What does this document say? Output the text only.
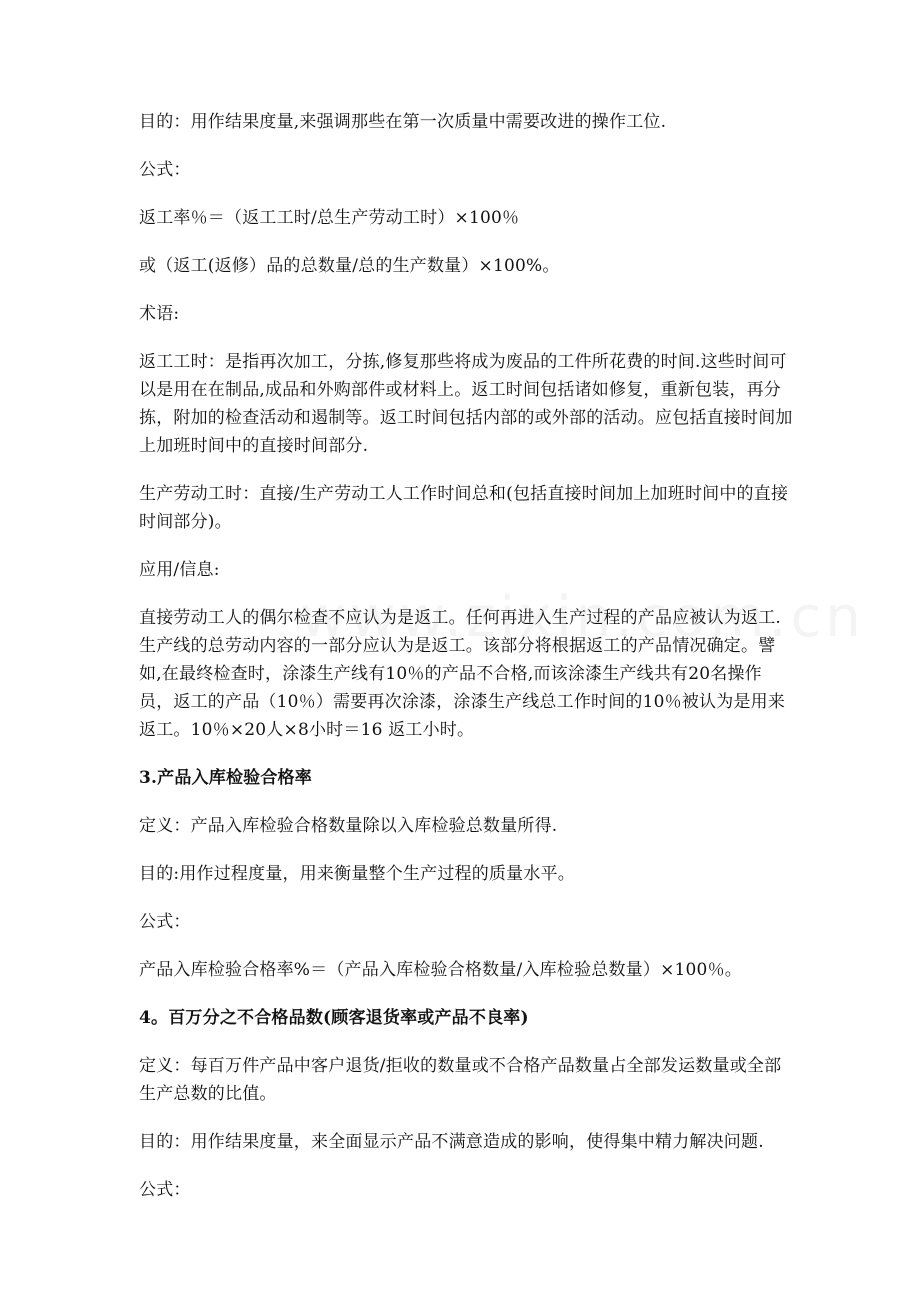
目的：用作结果度量,来强调那些在第一次质量中需要改进的操作工位.

公式：

返工率％＝（返工工时/总生产劳动工时）×100％

或（返工(返修）品的总数量/总的生产数量）×100%。

术语:

返工工时：是指再次加工，分拣,修复那些将成为废品的工件所花费的时间.这些时间可以是用在在制品,成品和外购部件或材料上。返工时间包括诸如修复，重新包装，再分拣，附加的检查活动和遏制等。返工时间包括内部的或外部的活动。应包括直接时间加上加班时间中的直接时间部分.

生产劳动工时：直接/生产劳动工人工作时间总和(包括直接时间加上加班时间中的直接时间部分)。

应用/信息:

直接劳动工人的偶尔检查不应认为是返工。任何再进入生产过程的产品应被认为返工.生产线的总劳动内容的一部分应认为是返工。该部分将根据返工的产品情况确定。譬如,在最终检查时，涂漆生产线有10％的产品不合格,而该涂漆生产线共有20名操作员，返工的产品（10％）需要再次涂漆，涂漆生产线总工作时间的10％被认为是用来返工。10％×20人×8小时＝16 返工小时。

3.产品入库检验合格率

定义：产品入库检验合格数量除以入库检验总数量所得.

目的:用作过程度量，用来衡量整个生产过程的质量水平。

公式：

产品入库检验合格率%＝（产品入库检验合格数量/入库检验总数量）×100％。

4。百万分之不合格品数(顾客退货率或产品不良率)

定义：每百万件产品中客户退货/拒收的数量或不合格产品数量占全部发运数量或全部生产总数的比值。

目的：用作结果度量，来全面显示产品不满意造成的影响，使得集中精力解决问题.

公式：
